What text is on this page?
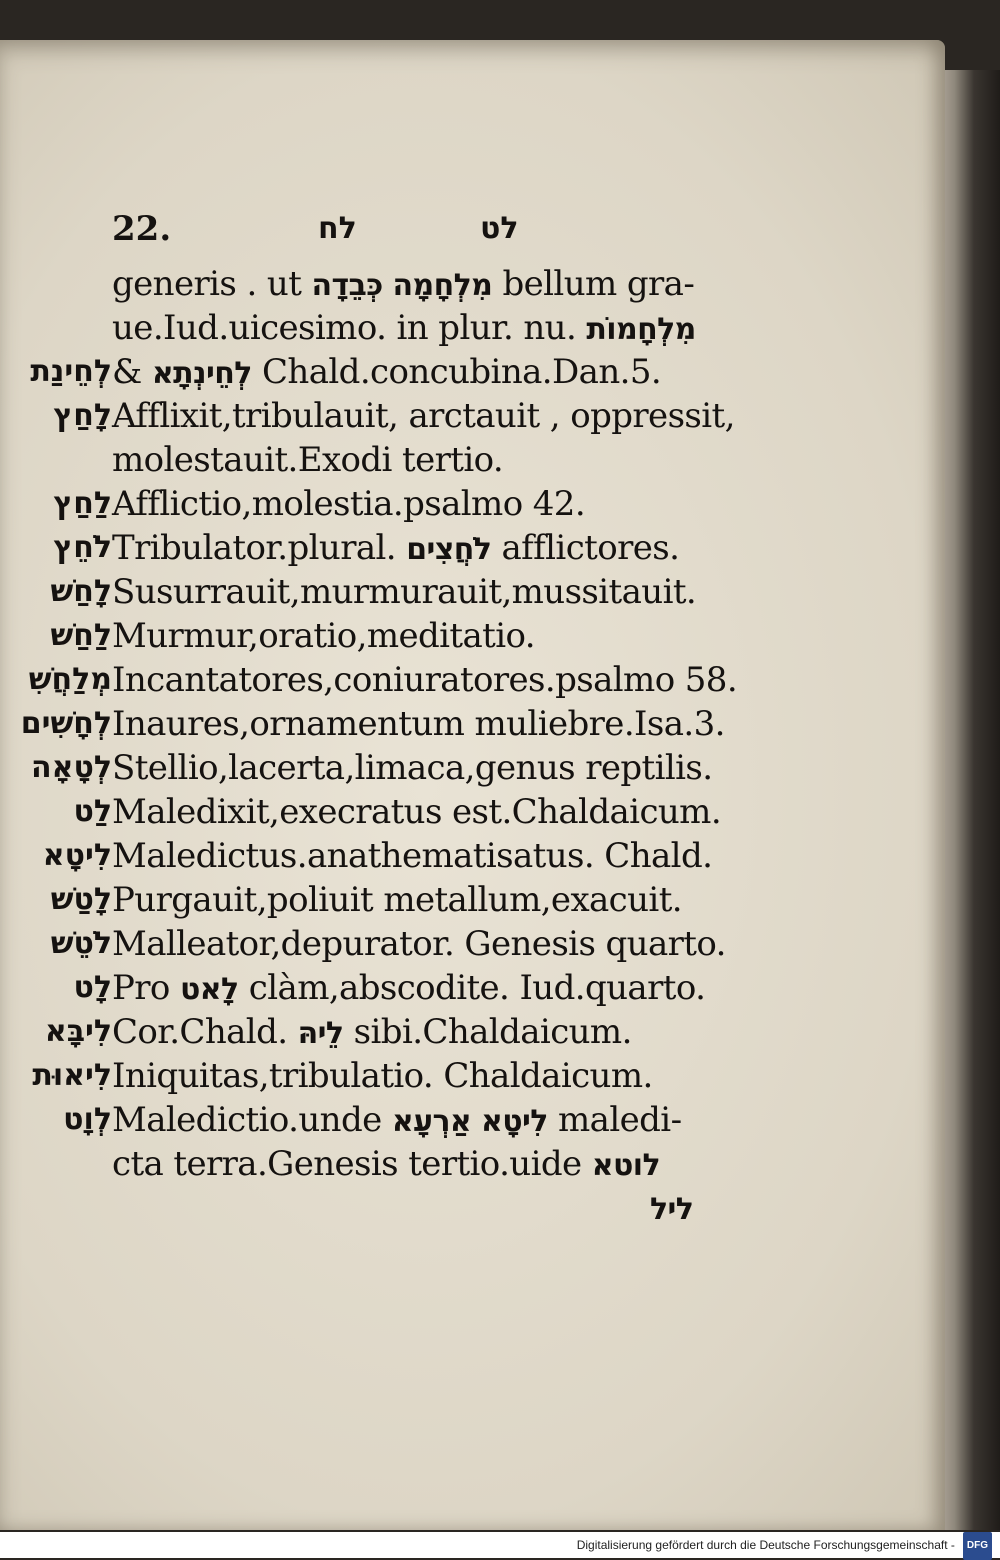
22.	לח	לט
generis . ut מִלְחָמָה כְּבֵדָה bellum gra-
ue.Iud.uicesimo. in plur. nu. מִלְחָמוֹת
לְחֵינַת & לְחֵינְתָא Chald.concubina.Dan.5.
לָחַץ Afflixit,tribulauit, arctauit , oppressit,
molestauit.Exodi tertio.
לַחַץ Afflictio,molestia.psalmo 42.
לֹחֵץ Tribulator.plural. לֹחֲצִים afflictores.
לָחַשׁ Susurrauit,murmurauit,mussitauit.
לַחַשׁ Murmur,oratio,meditatio.
מְלַחֲשִׁ Incantatores,coniuratores.psalmo 58.
לְחָשִׁים Inaures,ornamentum muliebre.Isa.3.
לְטָאָה Stellio,lacerta,limaca,genus reptilis.
לַט Maledixit,execratus est.Chaldaicum.
לִיטָא Maledictus.anathematisatus. Chald.
לָטַשׁ Purgauit,poliuit metallum,exacuit.
לֹטֵשׁ Malleator,depurator. Genesis quarto.
לָט Pro לָאט clàm,abscodite. Iud.quarto.
לִיבָּא Cor.Chald. לֵיהּ sibi.Chaldaicum.
לִיאוּת Iniquitas,tribulatio. Chaldaicum.
לְוָט Maledictio.unde לִיטָא אַרְעָא maledi-
cta terra.Genesis tertio.uide לוטא
ליל
Digitalisierung gefördert durch die Deutsche Forschungsgemeinschaft - DFG
